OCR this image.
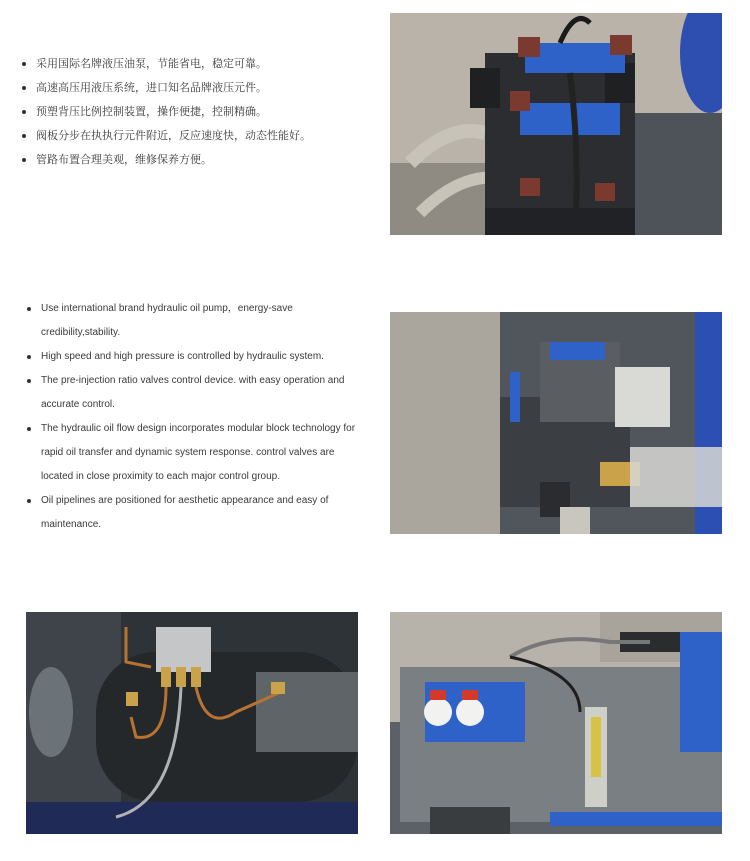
采用国际名牌液压油泵，节能省电，稳定可靠。
高速高压用液压系统，进口知名品牌液压元件。
预塑背压比例控制装置，操作便捷，控制精确。
阀板分步在执执行元件附近，反应速度快，动态性能好。
管路布置合理美观，维修保养方便。
Use international brand hydraulic oil pump，energy-save credibility,stability.
High speed and high pressure is controlled by hydraulic system.
The pre-injection ratio valves control device. with easy operation and accurate control.
The hydraulic oil flow design incorporates modular block technology for rapid oil transfer and dynamic system response. control valves are located in close proximity to each major control group.
Oil pipelines are positioned for aesthetic appearance and easy of maintenance.
